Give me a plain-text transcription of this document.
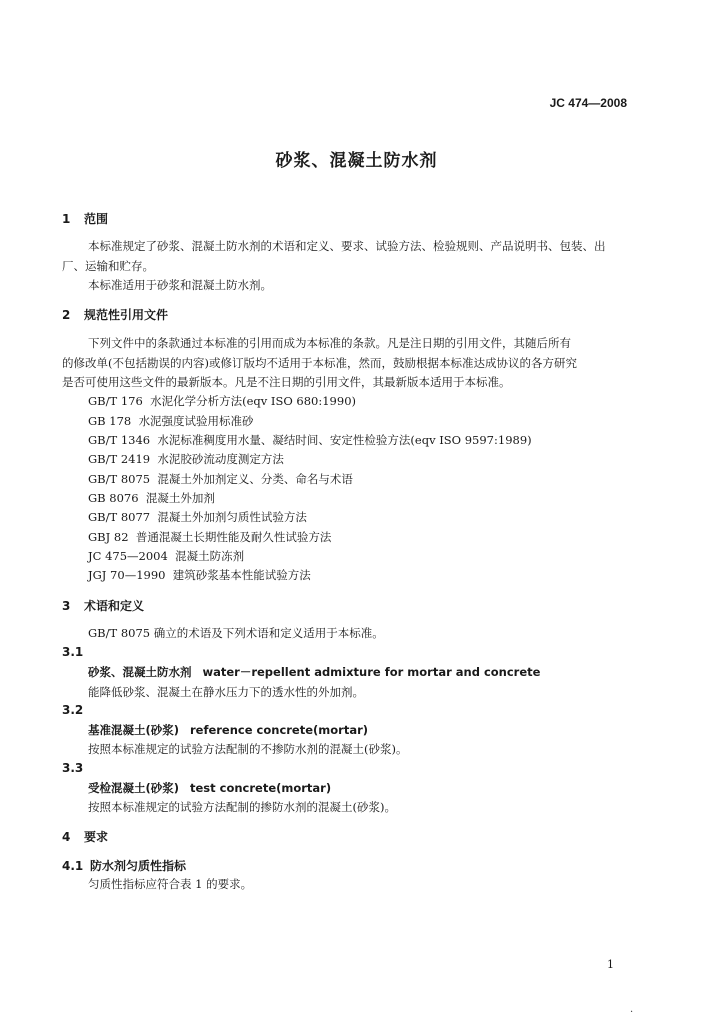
JC 474—2008
砂浆、混凝土防水剂
1 范围
本标准规定了砂浆、混凝土防水剂的术语和定义、要求、试验方法、检验规则、产品说明书、包装、出
厂、运输和贮存。
本标准适用于砂浆和混凝土防水剂。
2 规范性引用文件
下列文件中的条款通过本标准的引用而成为本标准的条款。凡是注日期的引用文件，其随后所有
的修改单(不包括勘误的内容)或修订版均不适用于本标准，然而，鼓励根据本标准达成协议的各方研究
是否可使用这些文件的最新版本。凡是不注日期的引用文件，其最新版本适用于本标准。
GB/T 176 水泥化学分析方法(eqv ISO 680:1990)
GB 178 水泥强度试验用标准砂
GB/T 1346 水泥标准稠度用水量、凝结时间、安定性检验方法(eqv ISO 9597:1989)
GB/T 2419 水泥胶砂流动度测定方法
GB/T 8075 混凝土外加剂定义、分类、命名与术语
GB 8076 混凝土外加剂
GB/T 8077 混凝土外加剂匀质性试验方法
GBJ 82 普通混凝土长期性能及耐久性试验方法
JC 475—2004 混凝土防冻剂
JGJ 70—1990 建筑砂浆基本性能试验方法
3 术语和定义
GB/T 8075 确立的术语及下列术语和定义适用于本标准。
3.1
砂浆、混凝土防水剂 water－repellent admixture for mortar and concrete
能降低砂浆、混凝土在静水压力下的透水性的外加剂。
3.2
基准混凝土(砂浆) reference concrete(mortar)
按照本标准规定的试验方法配制的不掺防水剂的混凝土(砂浆)。
3.3
受检混凝土(砂浆) test concrete(mortar)
按照本标准规定的试验方法配制的掺防水剂的混凝土(砂浆)。
4 要求
4.1 防水剂匀质性指标
匀质性指标应符合表 1 的要求。
1
·
